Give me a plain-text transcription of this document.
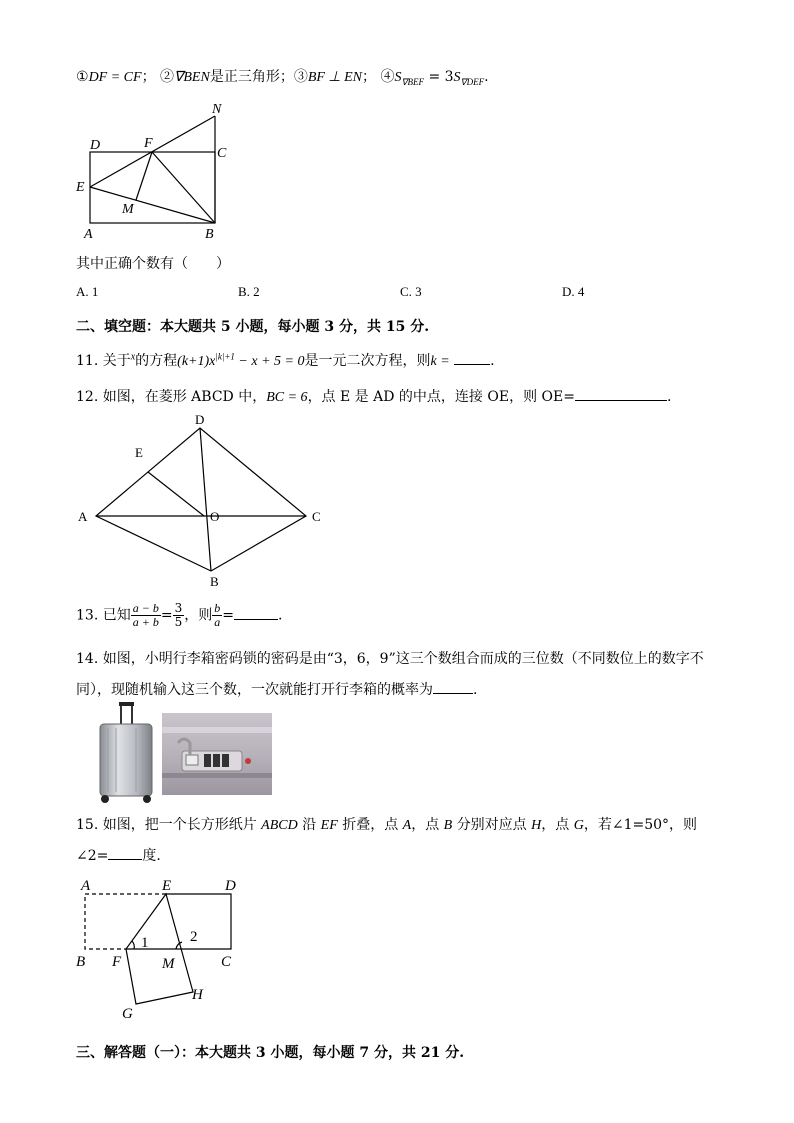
①DF = CF； ②∇BEN是正三角形；③BF ⊥ EN； $④S_{\nabla BEF} = 3S_{\nabla DEF}$.
N
D	F
C
E
M
A	B
其中正确个数有（　　）
A. 1	B. 2	C. 3	D. 4
二、填空题：本大题共 5 小题，每小题 3 分，共 15 分.
11. 关于$^x$的方程$(k+1)x^{|k|+1} - x + 5 = 0$是一元二次方程，则k =	.
12. 如图，在菱形 ABCD 中，BC = 6，点 E 是 AD 的中点，连接 OE，则 OE=	.
D
E
A	O	C
B
13. 已知 $\frac{a - b}{a + b} = \frac{3}{5}$ ，则 $\frac{b}{a}$ =	.
14. 如图，小明行李箱密码锁的密码是由“3，6，9”这三个数组合而成的三位数（不同数位上的数字不
同），现随机输入这三个数，一次就能打开行李箱的概率为	.
15. 如图，把一个长方形纸片 ABCD 沿 EF 折叠，点 A，点 B 分别对应点 H，点 G，若∠1=50°，则
∠2= 度.
A	E	D
B F	M	C
G
H
1	2
三、解答题（一）：本大题共 3 小题，每小题 7 分，共 21 分.
